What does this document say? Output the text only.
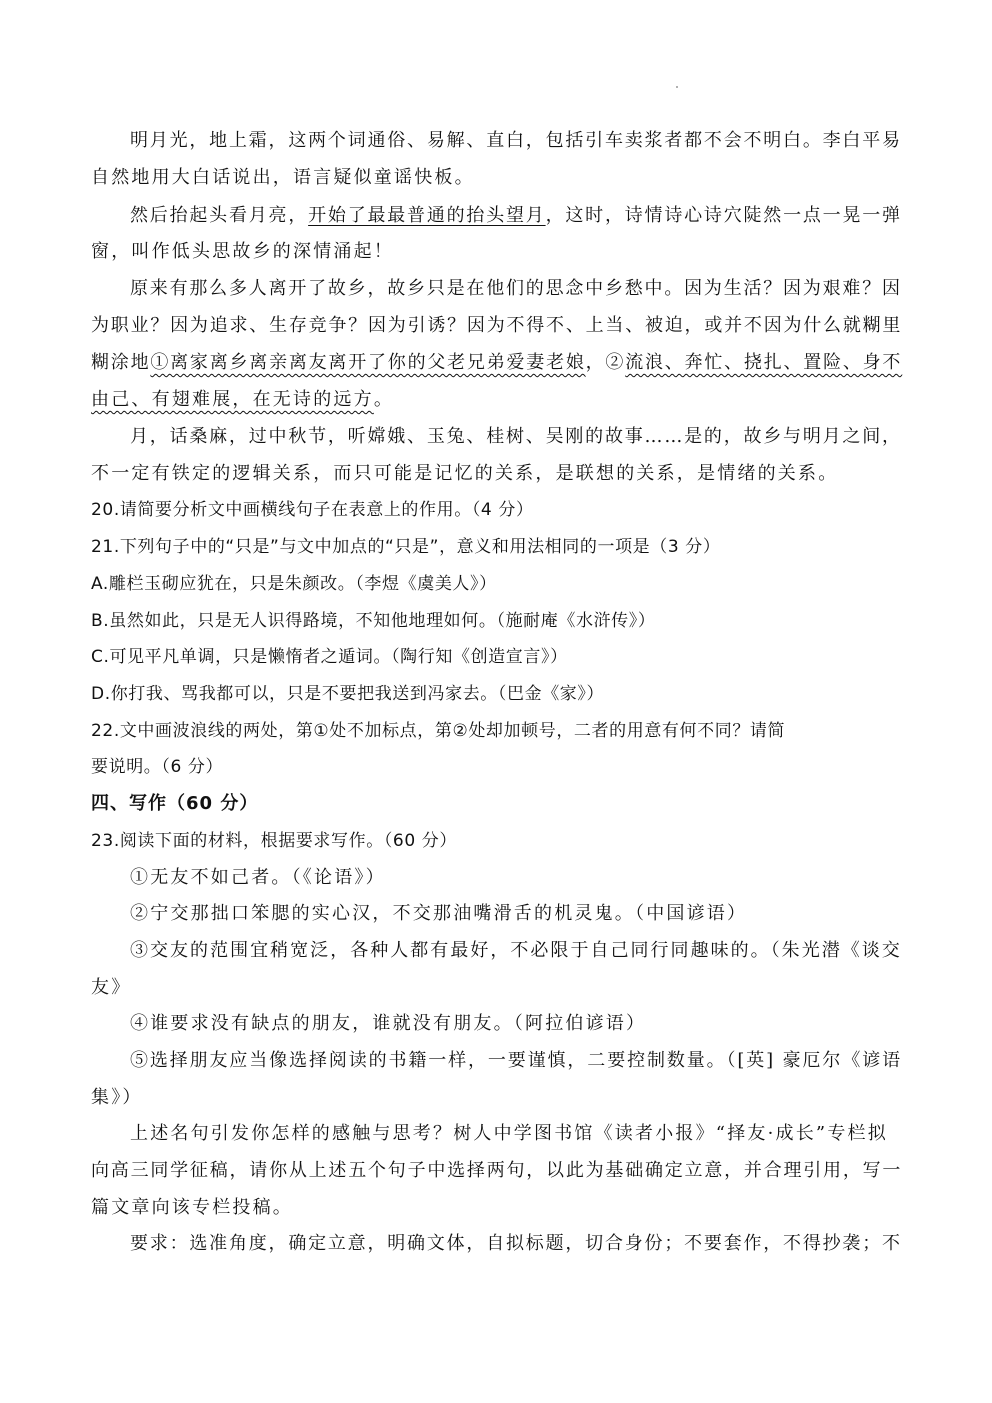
明月光，地上霜，这两个词通俗、易解、直白，包括引车卖浆者都不会不明白。李白平易
自然地用大白话说出，语言疑似童谣快板。
然后抬起头看月亮，开始了最最普通的抬头望月，这时，诗情诗心诗穴陡然一点一晃一弹
窗，叫作低头思故乡的深情涌起！
原来有那么多人离开了故乡，故乡只是在他们的思念中乡愁中。因为生活？因为艰难？因
为职业？因为追求、生存竞争？因为引诱？因为不得不、上当、被迫，或并不因为什么就糊里
糊涂地①离家离乡离亲离友离开了你的父老兄弟爱妻老娘，②流浪、奔忙、挠扎、置险、身不
由己、有翅难展，在无诗的远方。
月，话桑麻，过中秋节，听嫦娥、玉兔、桂树、吴刚的故事……是的，故乡与明月之间，
不一定有铁定的逻辑关系，而只可能是记忆的关系，是联想的关系，是情绪的关系。
20.请简要分析文中画横线句子在表意上的作用。（4 分）
21.下列句子中的“只是”与文中加点的“只是”，意义和用法相同的一项是（3 分）
A.雕栏玉砌应犹在，只是朱颜改。（李煜《虞美人》）
B.虽然如此，只是无人识得路境，不知他地理如何。（施耐庵《水浒传》）
C.可见平凡单调，只是懒惰者之遁词。（陶行知《创造宣言》）
D.你打我、骂我都可以，只是不要把我送到冯家去。（巴金《家》）
22.文中画波浪线的两处，第①处不加标点，第②处却加顿号，二者的用意有何不同？请简
要说明。（6 分）
四、写作（60 分）
23.阅读下面的材料，根据要求写作。（60 分）
①无友不如己者。（《论语》）
②宁交那拙口笨腮的实心汉，不交那油嘴滑舌的机灵鬼。（中国谚语）
③交友的范围宜稍宽泛，各种人都有最好，不必限于自己同行同趣味的。（朱光潜《谈交
友》
④谁要求没有缺点的朋友，谁就没有朋友。（阿拉伯谚语）
⑤选择朋友应当像选择阅读的书籍一样，一要谨慎，二要控制数量。（[英] 豪厄尔《谚语
集》）
上述名句引发你怎样的感触与思考？树人中学图书馆《读者小报》“择友·成长”专栏拟
向高三同学征稿，请你从上述五个句子中选择两句，以此为基础确定立意，并合理引用，写一
篇文章向该专栏投稿。
要求：选准角度，确定立意，明确文体，自拟标题，切合身份；不要套作，不得抄袭；不
